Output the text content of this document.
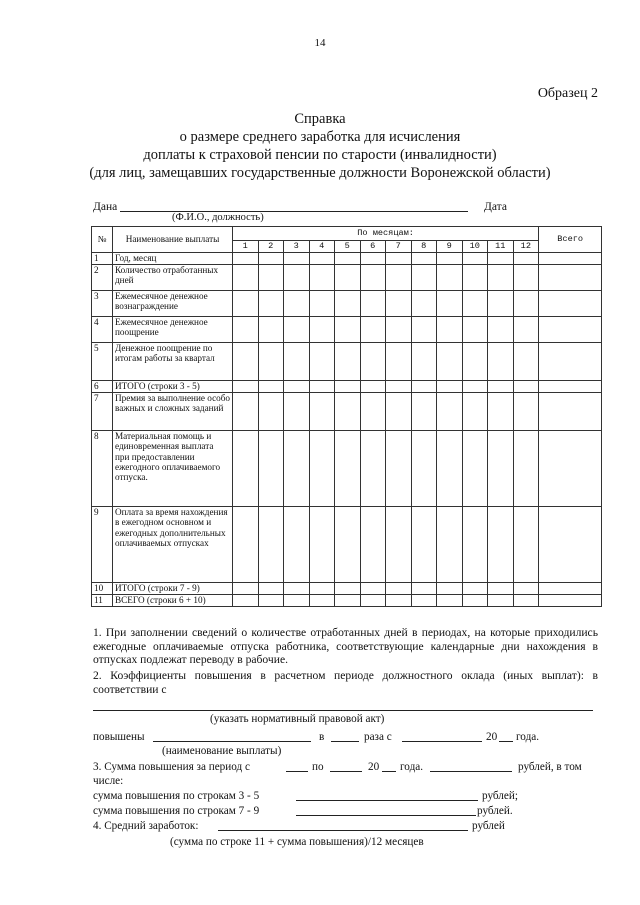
14
Образец 2
Справка
о размере среднего заработка для исчисления
доплаты к страховой пенсии по старости (инвалидности)
(для лиц, замещавших государственные должности Воронежской области)
Дана	Дата
(Ф.И.О., должность)
№	Наименование выплаты	По месяцам:												Всего
		1	2	3	4	5	6	7	8	9	10	11	12	
1	Год, месяц													
2	Количество отработанных дней													
3	Ежемесячное денежное вознаграждение													
4	Ежемесячное денежное поощрение													
5	Денежное поощрение по итогам работы за квартал													
6	ИТОГО (строки 3 - 5)													
7	Премия за выполнение особо важных и сложных заданий													
8	Материальная помощь и единовременная выплата при предоставлении ежегодного оплачиваемого отпуска.													
9	Оплата за время нахождения в ежегодном основном и ежегодных дополнительных оплачиваемых отпусках													
10	ИТОГО (строки 7 - 9)													
11	ВСЕГО (строки 6 + 10)													
1. При заполнении сведений о количестве отработанных дней в периодах, на которые приходились ежегодные оплачиваемые отпуска работника, соответствующие календарные дни нахождения в отпусках подлежат переводу в рабочие.
2. Коэффициенты повышения в расчетном периоде должностного оклада (иных выплат): в соответствии с
(указать нормативный правовой акт)
повышены	в	раза с	20 года.
(наименование выплаты)
3. Сумма повышения за период с	по	20 года.	рублей, в том
числе:
сумма повышения по строкам 3 - 5	рублей;
сумма повышения по строкам 7 - 9	рублей.
4. Средний заработок:	рублей
(сумма по строке 11 + сумма повышения)/12 месяцев
